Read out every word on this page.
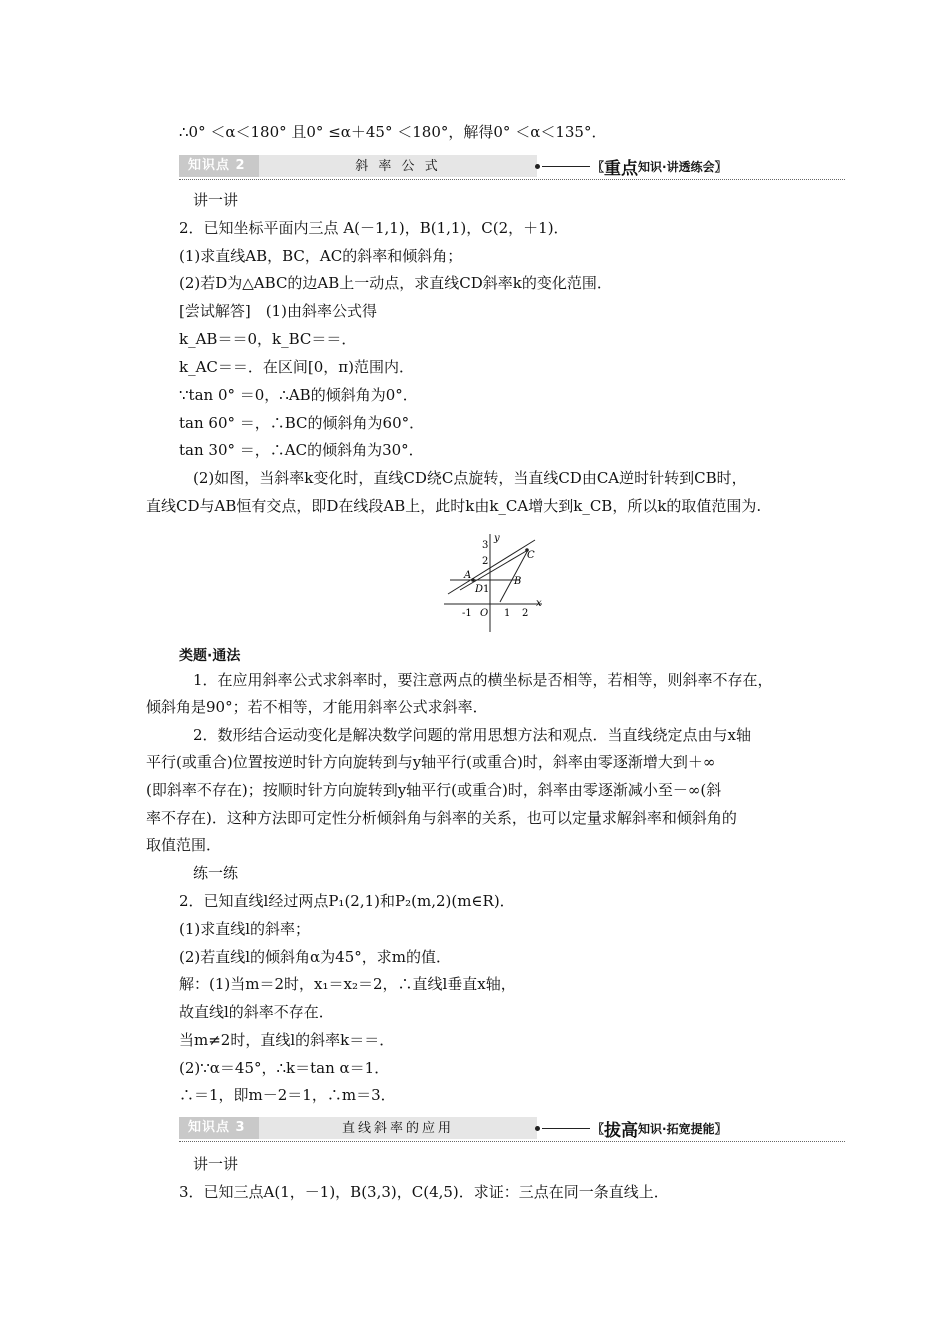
∴0° ＜α＜180° 且0° ≤α＋45° ＜180°，解得0° ＜α＜135°．
知识点 2	斜 率 公 式	〖 重点 知识·讲透练会 〗
讲一讲
2．已知坐标平面内三点 A(－1,1)，B(1,1)，C(2，＋1)．
(1)求直线AB，BC，AC的斜率和倾斜角；
(2)若D为△ABC的边AB上一动点，求直线CD斜率k的变化范围．
[尝试解答]　(1)由斜率公式得
k_AB＝＝0，k_BC＝＝．
k_AC＝＝．在区间[0，π)范围内．
∵tan 0° ＝0，∴AB的倾斜角为0°．
tan 60° ＝，∴BC的倾斜角为60°．
tan 30° ＝，∴AC的倾斜角为30°．
(2)如图，当斜率k变化时，直线CD绕C点旋转，当直线CD由CA逆时针转到CB时，
直线CD与AB恒有交点，即D在线段AB上，此时k由k_CA增大到k_CB，所以k的取值范围为.
y
x
O
A
B
C
D
3
2
1
-1	1 2
类题·通法
1．在应用斜率公式求斜率时，要注意两点的横坐标是否相等，若相等，则斜率不存在，
倾斜角是90°；若不相等，才能用斜率公式求斜率．
2．数形结合运动变化是解决数学问题的常用思想方法和观点．当直线绕定点由与x轴
平行(或重合)位置按逆时针方向旋转到与y轴平行(或重合)时，斜率由零逐渐增大到＋∞
(即斜率不存在)；按顺时针方向旋转到y轴平行(或重合)时，斜率由零逐渐减小至－∞(斜
率不存在)．这种方法即可定性分析倾斜角与斜率的关系，也可以定量求解斜率和倾斜角的
取值范围．
练一练
2．已知直线l经过两点P₁(2,1)和P₂(m,2)(m∈R)．
(1)求直线l的斜率；
(2)若直线l的倾斜角α为45°，求m的值．
解：(1)当m＝2时，x₁＝x₂＝2，∴直线l垂直x轴，
故直线l的斜率不存在．
当m≠2时，直线l的斜率k＝＝．
(2)∵α＝45°，∴k＝tan α＝1．
∴＝1，即m－2＝1，∴m＝3．
知识点 3	直线斜率的应用	〖 拔高 知识·拓宽提能 〗
讲一讲
3．已知三点A(1，－1)，B(3,3)，C(4,5)．求证：三点在同一条直线上．
